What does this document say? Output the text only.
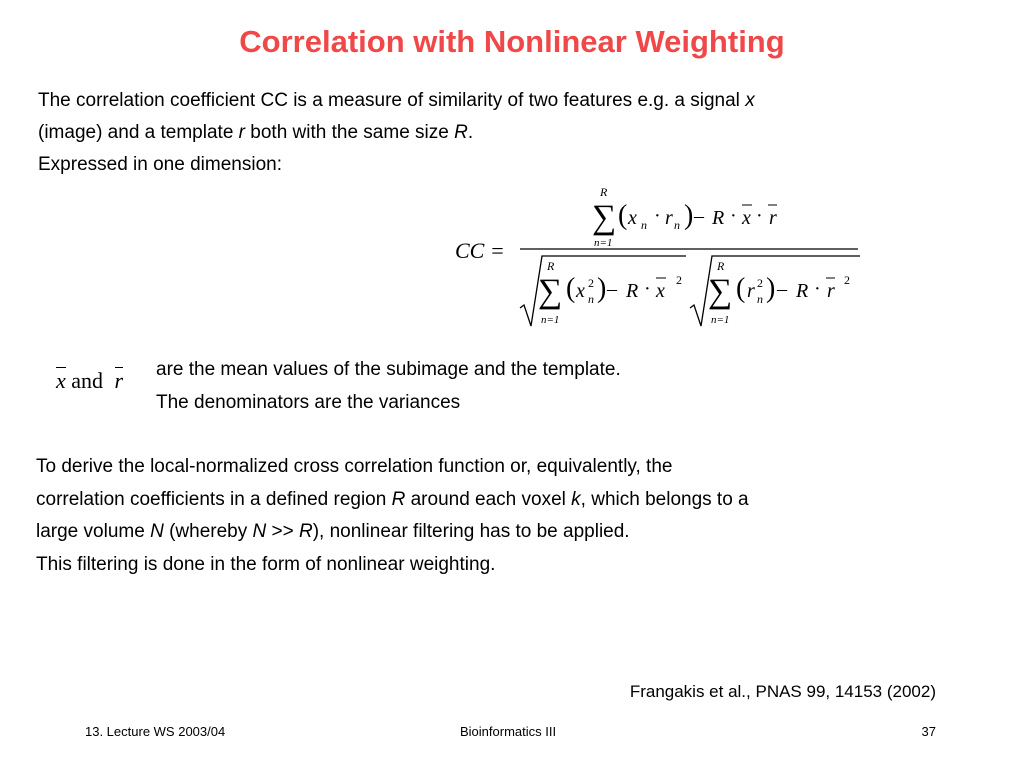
Correlation with Nonlinear Weighting
The correlation coefficient CC is a measure of similarity of two features e.g. a signal x
(image) and a template r both with the same size R.
Expressed in one dimension:
CC =
R
∑
n=1
( x n · r n ) – R · x · r
R
∑
n=1
( x 2
n ) – R · x 2
R
∑
n=1
( r 2
n ) – R · r 2
x and r are the mean values of the subimage and the template.
The denominators are the variances
To derive the local-normalized cross correlation function or, equivalently, the
correlation coefficients in a defined region R around each voxel k, which belongs to a
large volume N (whereby N >> R), nonlinear filtering has to be applied.
This filtering is done in the form of nonlinear weighting.
Frangakis et al., PNAS 99, 14153 (2002)
13. Lecture WS 2003/04	Bioinformatics III	37
